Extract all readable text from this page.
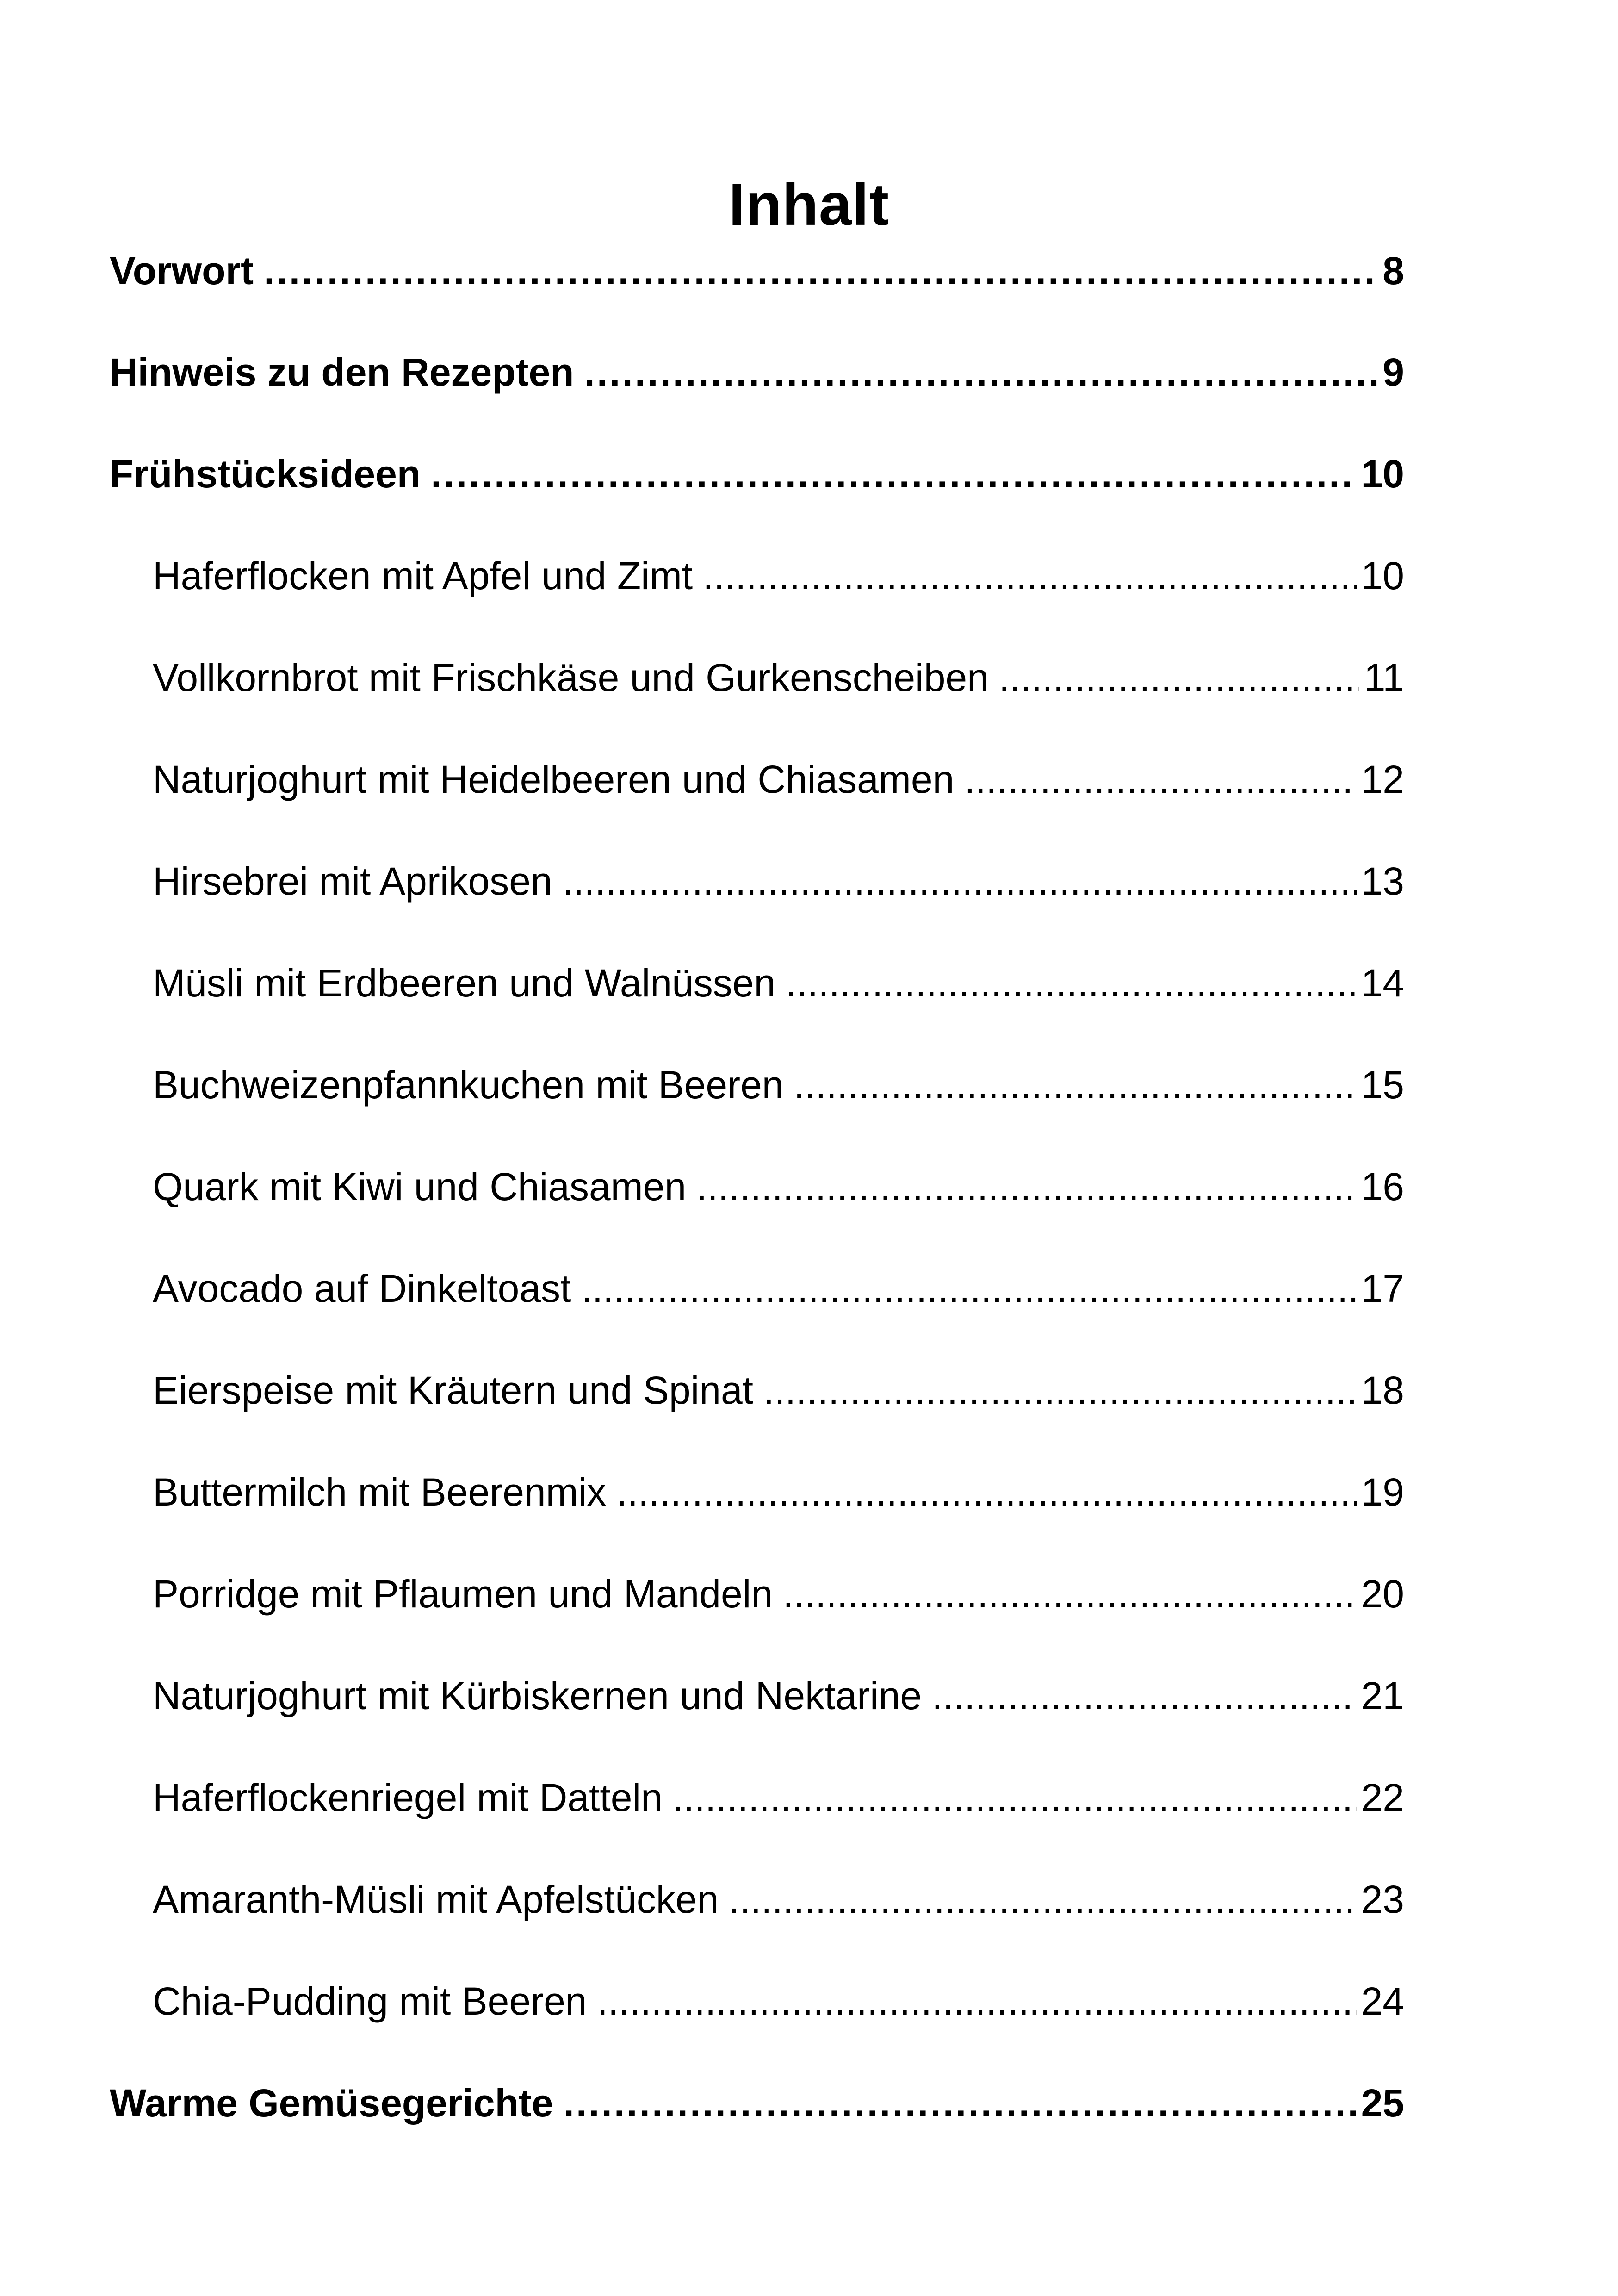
Inhalt
Vorwort .....	8
Hinweis zu den Rezepten .....	9
Frühstücksideen .....	10
Haferflocken mit Apfel und Zimt .....	10
Vollkornbrot mit Frischkäse und Gurkenscheiben .....	11
Naturjoghurt mit Heidelbeeren und Chiasamen .....	12
Hirsebrei mit Aprikosen .....	13
Müsli mit Erdbeeren und Walnüssen .....	14
Buchweizenpfannkuchen mit Beeren .....	15
Quark mit Kiwi und Chiasamen .....	16
Avocado auf Dinkeltoast .....	17
Eierspeise mit Kräutern und Spinat .....	18
Buttermilch mit Beerenmix .....	19
Porridge mit Pflaumen und Mandeln .....	20
Naturjoghurt mit Kürbiskernen und Nektarine .....	21
Haferflockenriegel mit Datteln .....	22
Amaranth-Müsli mit Apfelstücken .....	23
Chia-Pudding mit Beeren .....	24
Warme Gemüsegerichte .....	25
